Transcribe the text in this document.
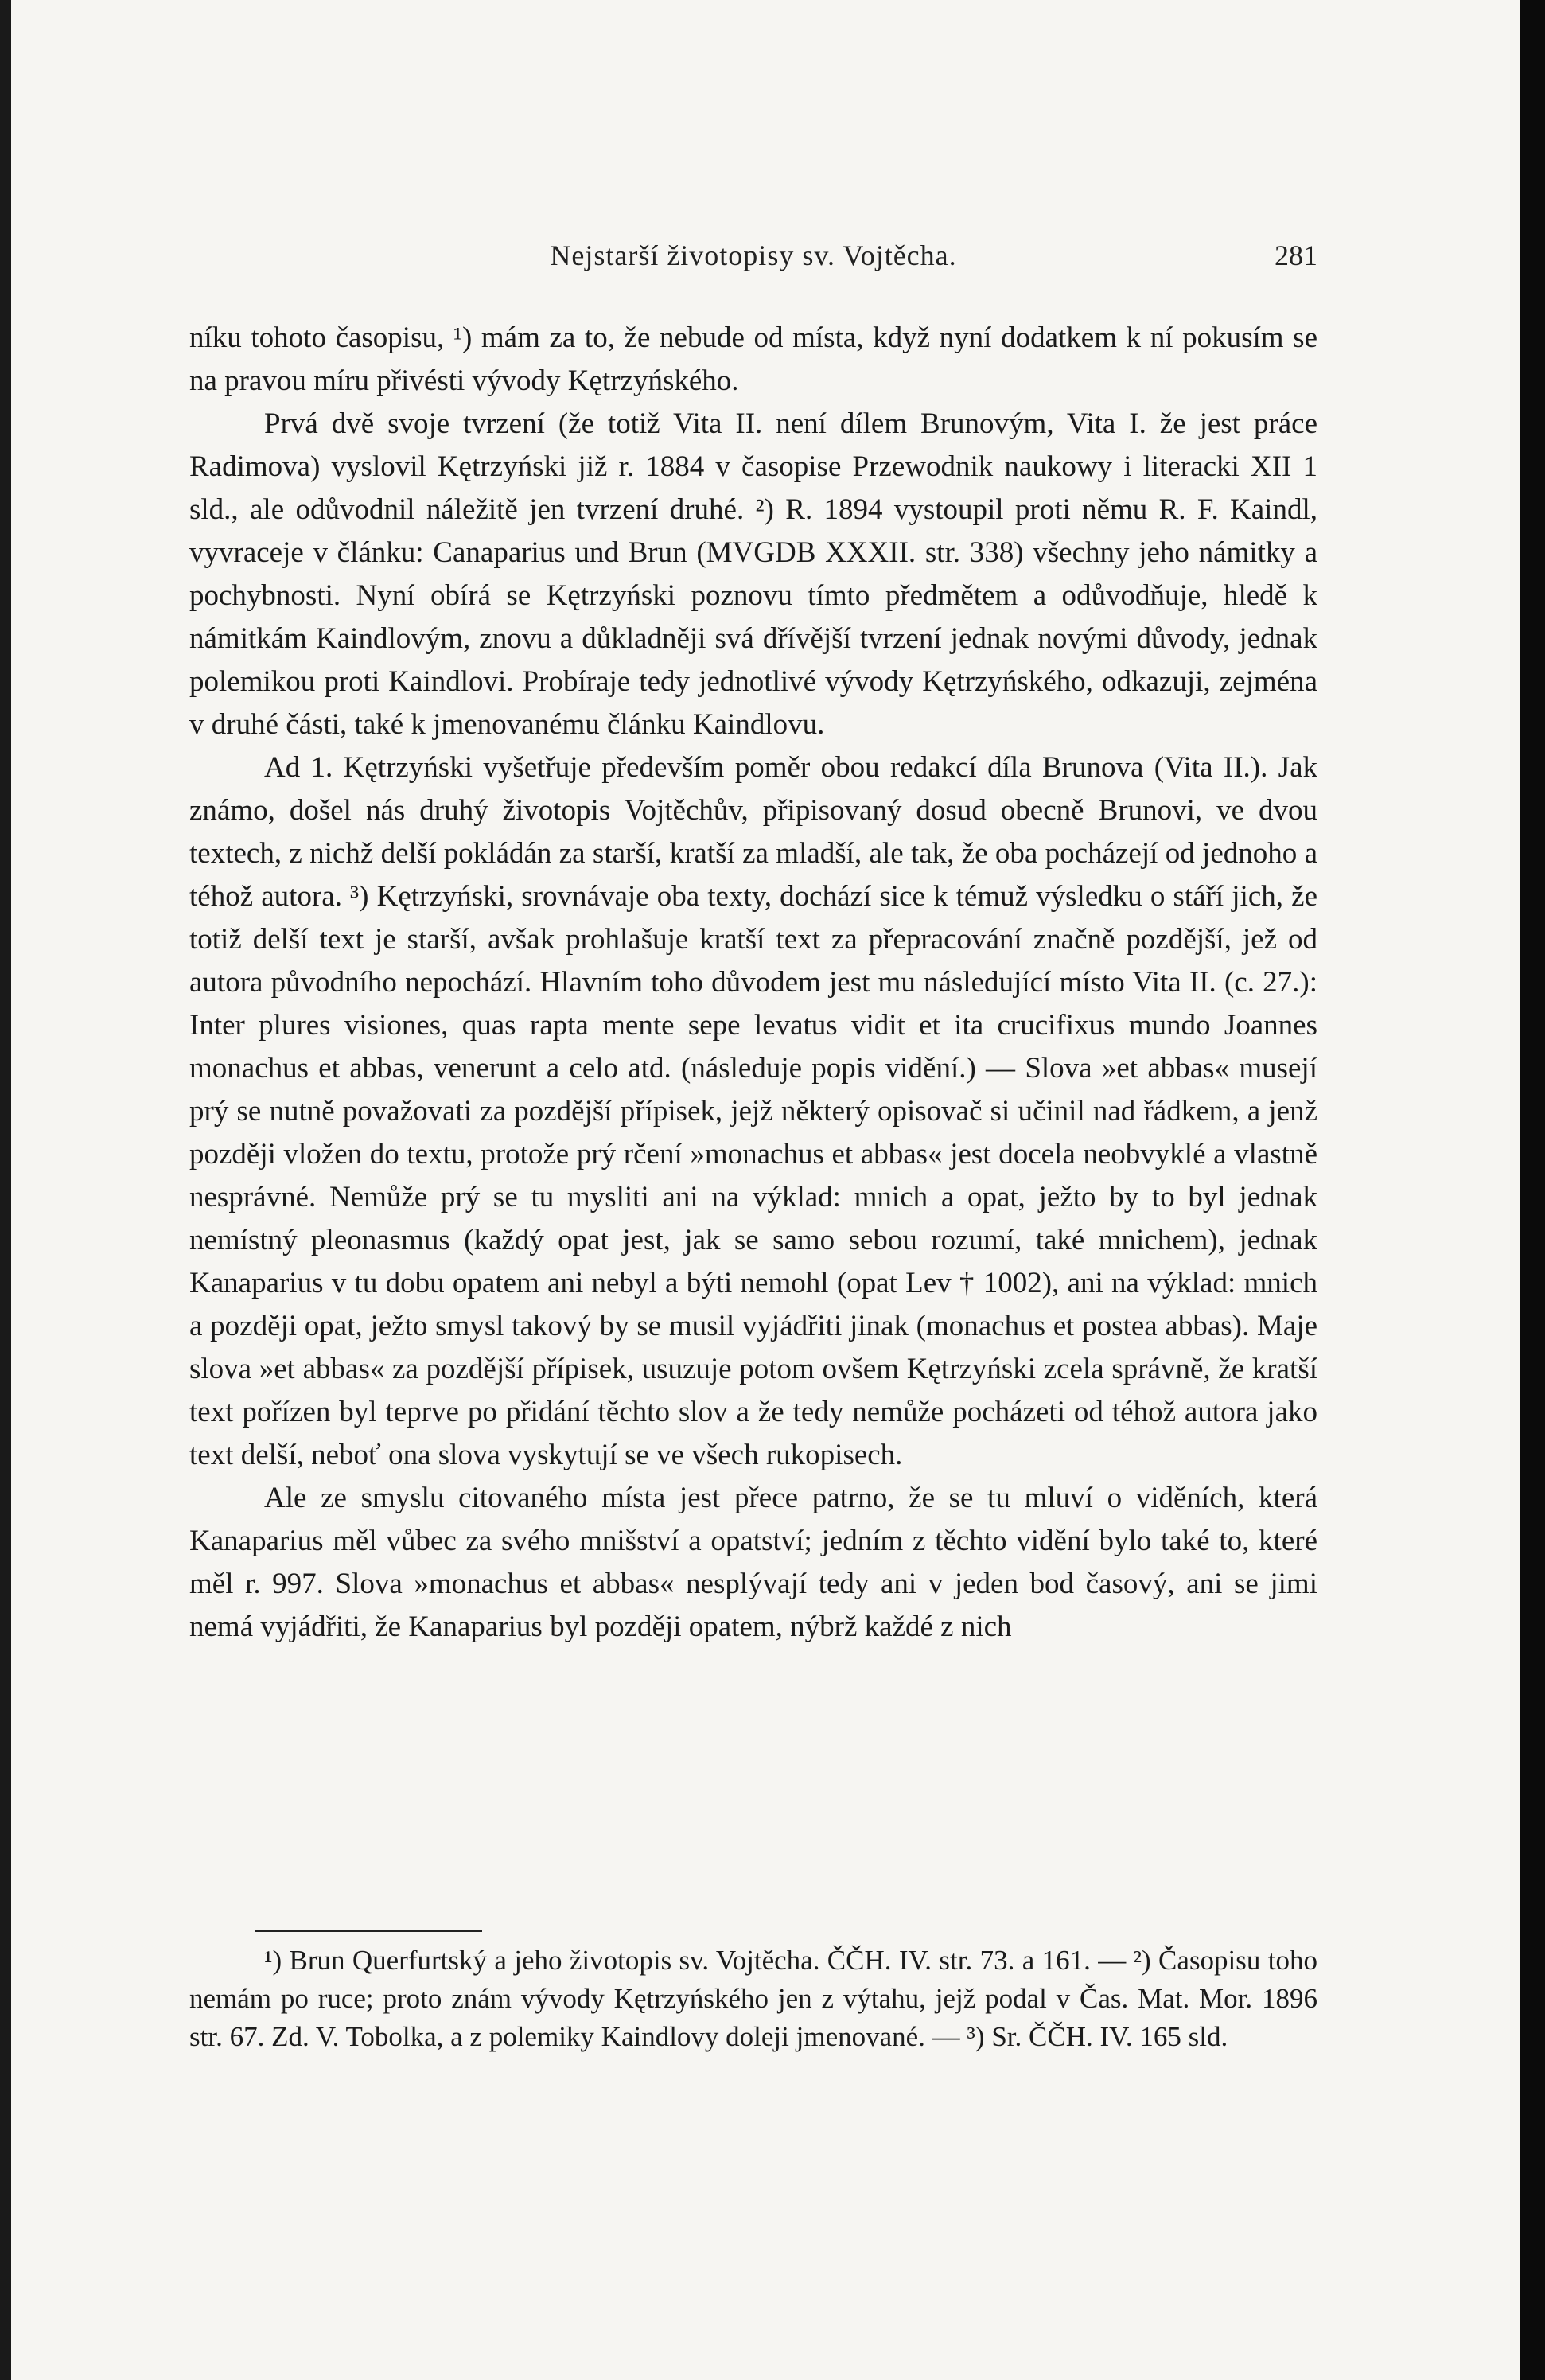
Nejstarší životopisy sv. Vojtěcha.	281

níku tohoto časopisu, ¹) mám za to, že nebude od místa, když nyní dodatkem k ní pokusím se na pravou míru přivésti vývody Kętrzyńského.

Prvá dvě svoje tvrzení (že totiž Vita II. není dílem Brunovým, Vita I. že jest práce Radimova) vyslovil Kętrzyński již r. 1884 v časopise Przewodnik naukowy i literacki XII 1 sld., ale odůvodnil náležitě jen tvrzení druhé. ²) R. 1894 vystoupil proti němu R. F. Kaindl, vyvraceje v článku: Canaparius und Brun (MVGDB XXXII. str. 338) všechny jeho námitky a pochybnosti. Nyní obírá se Kętrzyński poznovu tímto předmětem a odůvodňuje, hledě k námitkám Kaindlovým, znovu a důkladněji svá dřívější tvrzení jednak novými důvody, jednak polemikou proti Kaindlovi. Probíraje tedy jednotlivé vývody Kętrzyńského, odkazuji, zejména v druhé části, také k jmenovanému článku Kaindlovu.

Ad 1. Kętrzyński vyšetřuje především poměr obou redakcí díla Brunova (Vita II.). Jak známo, došel nás druhý životopis Vojtěchův, připisovaný dosud obecně Brunovi, ve dvou textech, z nichž delší pokládán za starší, kratší za mladší, ale tak, že oba pocházejí od jednoho a téhož autora. ³) Kętrzyński, srovnávaje oba texty, dochází sice k témuž výsledku o stáří jich, že totiž delší text je starší, avšak prohlašuje kratší text za přepracování značně pozdější, jež od autora původního nepochází. Hlavním toho důvodem jest mu následující místo Vita II. (c. 27.): Inter plures visiones, quas rapta mente sepe levatus vidit et ita crucifixus mundo Joannes monachus et abbas, venerunt a celo atd. (následuje popis vidění.) — Slova »et abbas« musejí prý se nutně považovati za pozdější přípisek, jejž některý opisovač si učinil nad řádkem, a jenž později vložen do textu, protože prý rčení »monachus et abbas« jest docela neobvyklé a vlastně nesprávné. Nemůže prý se tu mysliti ani na výklad: mnich a opat, ježto by to byl jednak nemístný pleonasmus (každý opat jest, jak se samo sebou rozumí, také mnichem), jednak Kanaparius v tu dobu opatem ani nebyl a býti nemohl (opat Lev † 1002), ani na výklad: mnich a později opat, ježto smysl takový by se musil vyjádřiti jinak (monachus et postea abbas). Maje slova »et abbas« za pozdější přípisek, usuzuje potom ovšem Kętrzyński zcela správně, že kratší text pořízen byl teprve po přidání těchto slov a že tedy nemůže pocházeti od téhož autora jako text delší, neboť ona slova vyskytují se ve všech rukopisech.

Ale ze smyslu citovaného místa jest přece patrno, že se tu mluví o viděních, která Kanaparius měl vůbec za svého mnišství a opatství; jedním z těchto vidění bylo také to, které měl r. 997. Slova »monachus et abbas« nesplývají tedy ani v jeden bod časový, ani se jimi nemá vyjádřiti, že Kanaparius byl později opatem, nýbrž každé z nich

¹) Brun Querfurtský a jeho životopis sv. Vojtěcha. ČČH. IV. str. 73. a 161. — ²) Časopisu toho nemám po ruce; proto znám vývody Kętrzyńského jen z výtahu, jejž podal v Čas. Mat. Mor. 1896 str. 67. Zd. V. Tobolka, a z polemiky Kaindlovy doleji jmenované. — ³) Sr. ČČH. IV. 165 sld.
